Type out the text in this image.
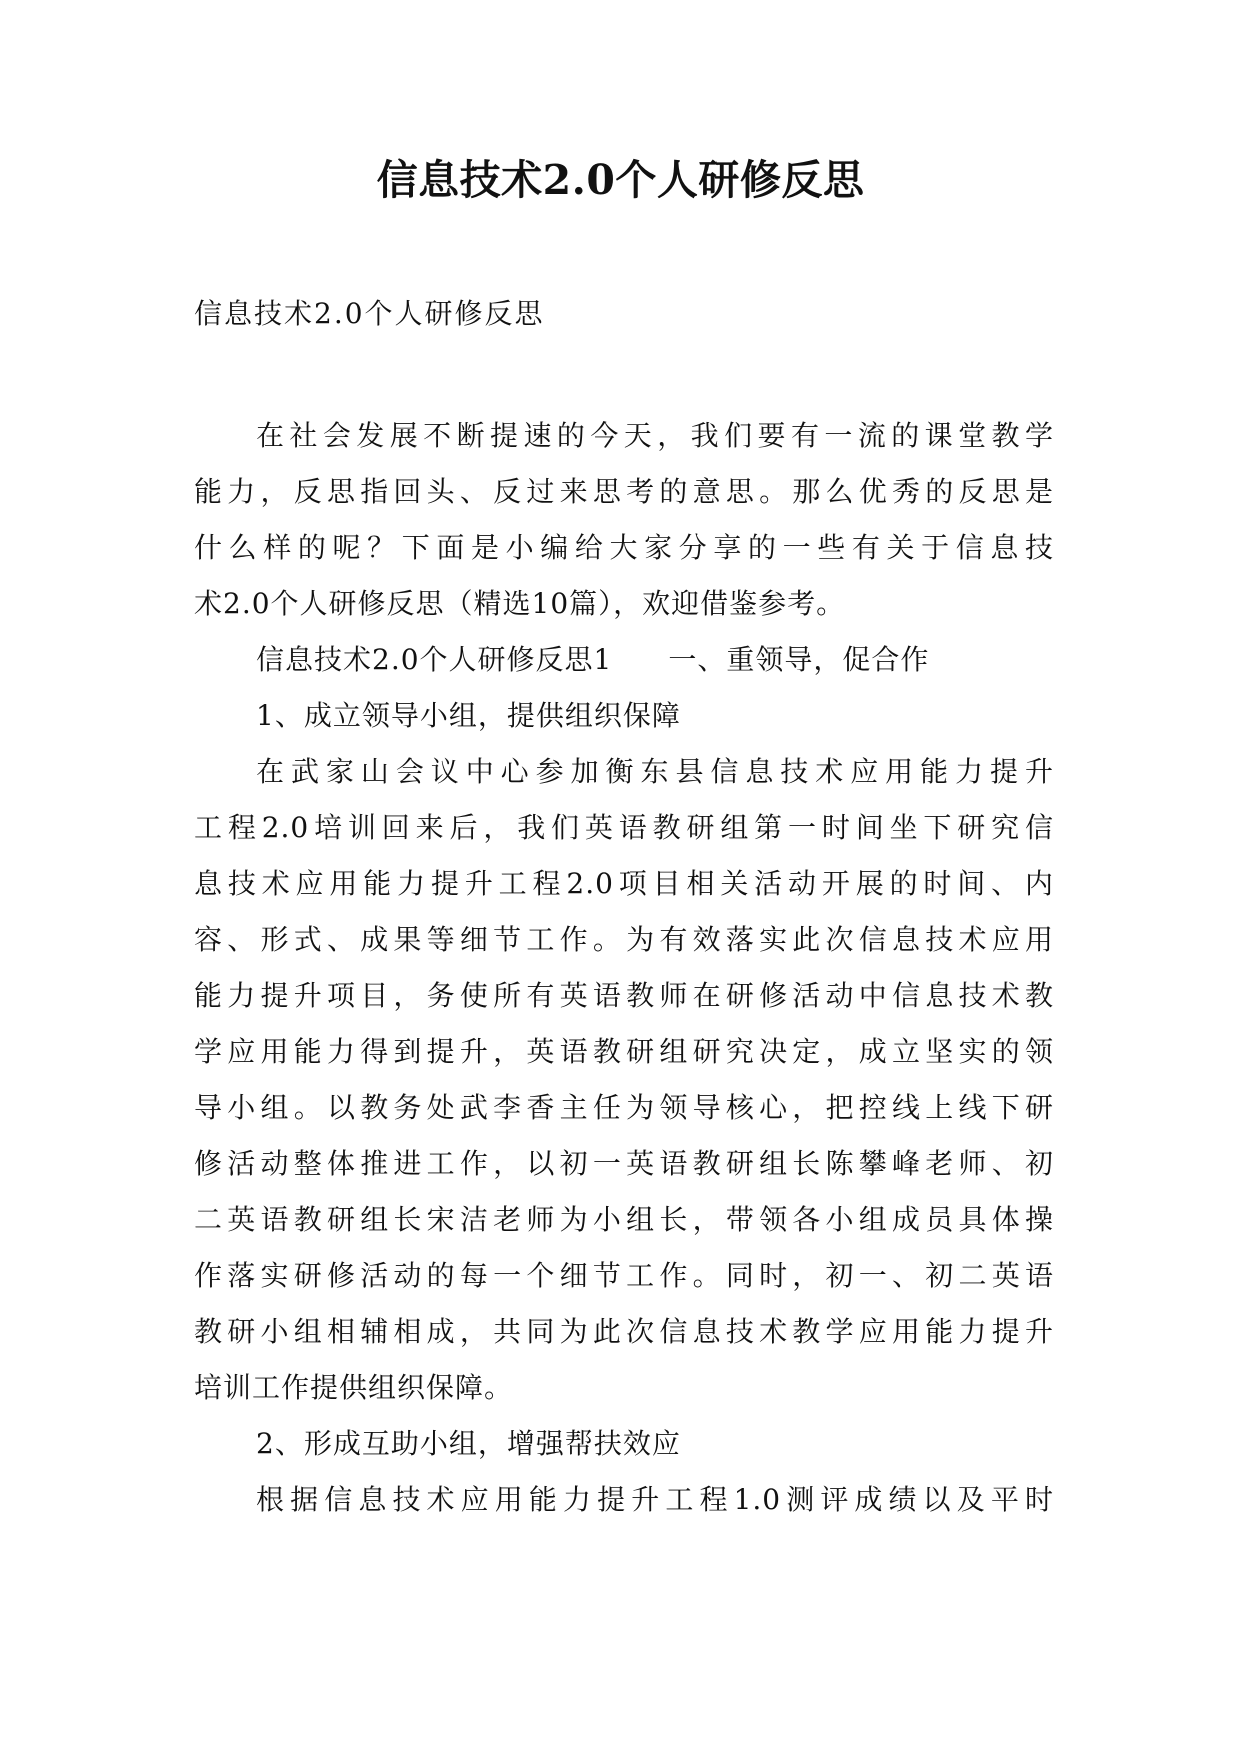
信息技术2.0个人研修反思

信息技术2.0个人研修反思

在社会发展不断提速的今天，我们要有一流的课堂教学
能力，反思指回头、反过来思考的意思。那么优秀的反思是
什么样的呢？下面是小编给大家分享的一些有关于信息技
术2.0个人研修反思（精选10篇），欢迎借鉴参考。
信息技术2.0个人研修反思1 一、重领导，促合作
1、成立领导小组，提供组织保障
在武家山会议中心参加衡东县信息技术应用能力提升
工程2.0培训回来后，我们英语教研组第一时间坐下研究信
息技术应用能力提升工程2.0项目相关活动开展的时间、内
容、形式、成果等细节工作。为有效落实此次信息技术应用
能力提升项目，务使所有英语教师在研修活动中信息技术教
学应用能力得到提升，英语教研组研究决定，成立坚实的领
导小组。以教务处武李香主任为领导核心，把控线上线下研
修活动整体推进工作，以初一英语教研组长陈攀峰老师、初
二英语教研组长宋洁老师为小组长，带领各小组成员具体操
作落实研修活动的每一个细节工作。同时，初一、初二英语
教研小组相辅相成，共同为此次信息技术教学应用能力提升
培训工作提供组织保障。
2、形成互助小组，增强帮扶效应
根据信息技术应用能力提升工程1.0测评成绩以及平时
